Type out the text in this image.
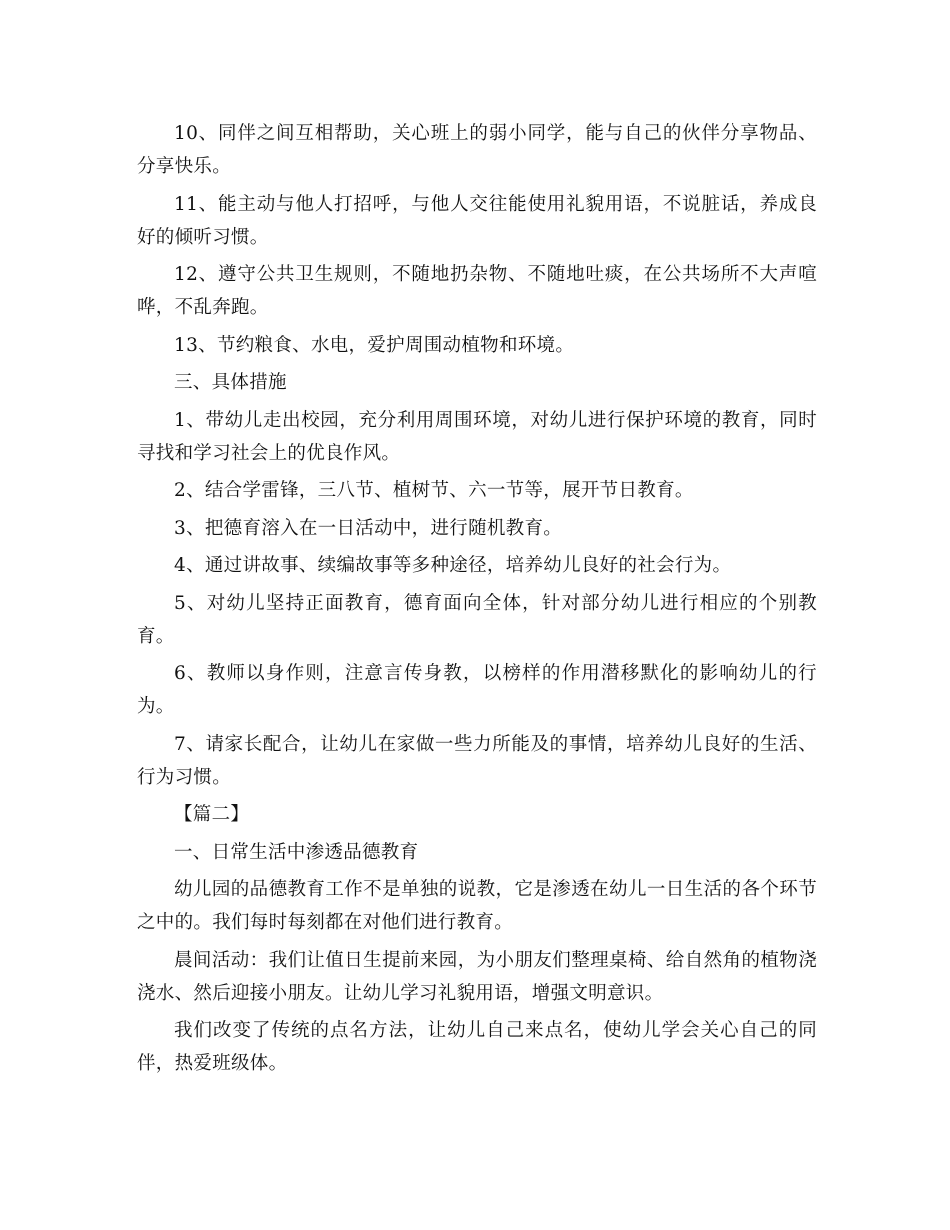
10、同伴之间互相帮助，关心班上的弱小同学，能与自己的伙伴分享物品、分享快乐。

11、能主动与他人打招呼，与他人交往能使用礼貌用语，不说脏话，养成良好的倾听习惯。

12、遵守公共卫生规则，不随地扔杂物、不随地吐痰，在公共场所不大声喧哗，不乱奔跑。

13、节约粮食、水电，爱护周围动植物和环境。

三、具体措施

1、带幼儿走出校园，充分利用周围环境，对幼儿进行保护环境的教育，同时寻找和学习社会上的优良作风。

2、结合学雷锋，三八节、植树节、六一节等，展开节日教育。

3、把德育溶入在一日活动中，进行随机教育。

4、通过讲故事、续编故事等多种途径，培养幼儿良好的社会行为。

5、对幼儿坚持正面教育，德育面向全体，针对部分幼儿进行相应的个别教育。

6、教师以身作则，注意言传身教，以榜样的作用潜移默化的影响幼儿的行为。

7、请家长配合，让幼儿在家做一些力所能及的事情，培养幼儿良好的生活、行为习惯。

【篇二】

一、日常生活中渗透品德教育

幼儿园的品德教育工作不是单独的说教，它是渗透在幼儿一日生活的各个环节之中的。我们每时每刻都在对他们进行教育。

晨间活动：我们让值日生提前来园，为小朋友们整理桌椅、给自然角的植物浇浇水、然后迎接小朋友。让幼儿学习礼貌用语，增强文明意识。

我们改变了传统的点名方法，让幼儿自己来点名，使幼儿学会关心自己的同伴，热爱班级体。
